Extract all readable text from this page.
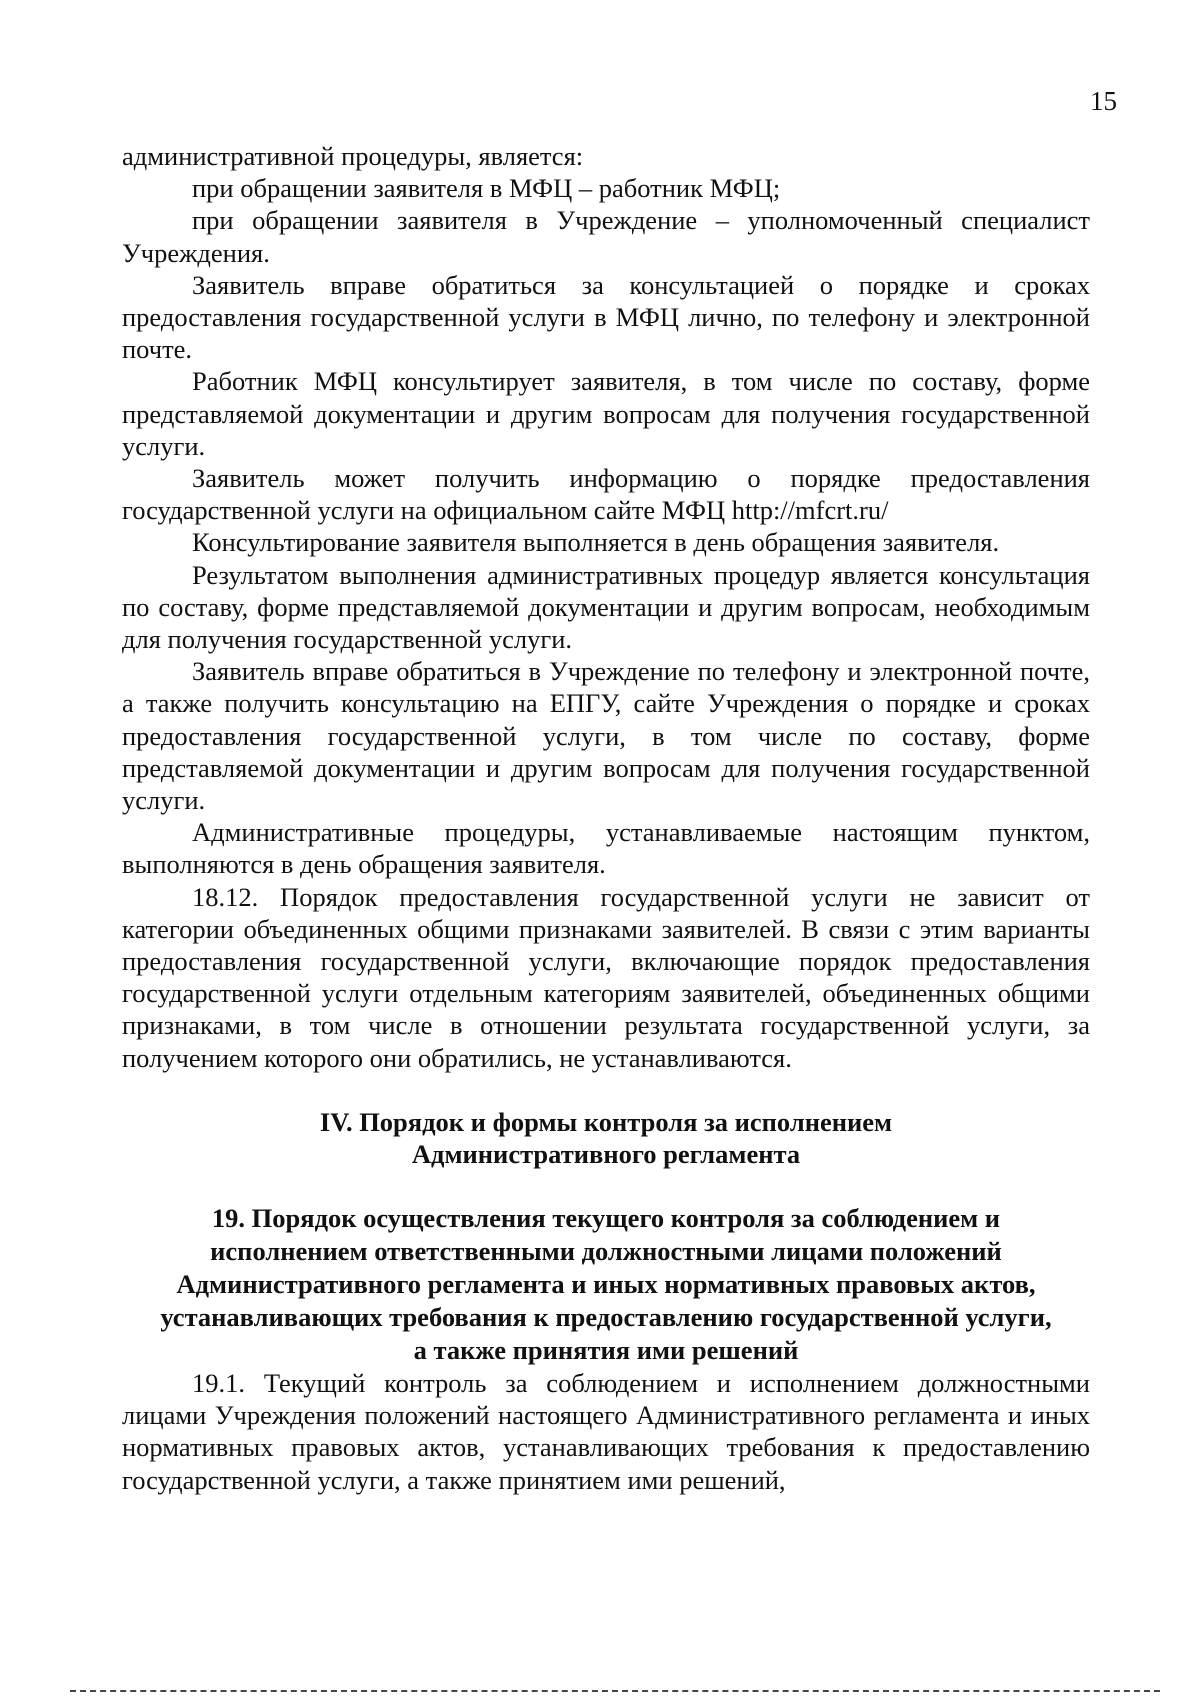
15

административной процедуры, является:

при обращении заявителя в МФЦ – работник МФЦ;

при обращении заявителя в Учреждение – уполномоченный специалист Учреждения.

Заявитель вправе обратиться за консультацией о порядке и сроках предоставления государственной услуги в МФЦ лично, по телефону и электронной почте.

Работник МФЦ консультирует заявителя, в том числе по составу, форме представляемой документации и другим вопросам для получения государственной услуги.

Заявитель может получить информацию о порядке предоставления государственной услуги на официальном сайте МФЦ http://mfcrt.ru/

Консультирование заявителя выполняется в день обращения заявителя.

Результатом выполнения административных процедур является консультация по составу, форме представляемой документации и другим вопросам, необходимым для получения государственной услуги.

Заявитель вправе обратиться в Учреждение по телефону и электронной почте, а также получить консультацию на ЕПГУ, сайте Учреждения о порядке и сроках предоставления государственной услуги, в том числе по составу, форме представляемой документации и другим вопросам для получения государственной услуги.

Административные процедуры, устанавливаемые настоящим пунктом, выполняются в день обращения заявителя.

18.12. Порядок предоставления государственной услуги не зависит от категории объединенных общими признаками заявителей. В связи с этим варианты предоставления государственной услуги, включающие порядок предоставления государственной услуги отдельным категориям заявителей, объединенных общими признаками, в том числе в отношении результата государственной услуги, за получением которого они обратились, не устанавливаются.

IV. Порядок и формы контроля за исполнением
Административного регламента
19. Порядок осуществления текущего контроля за соблюдением и
исполнением ответственными должностными лицами положений
Административного регламента и иных нормативных правовых актов,
устанавливающих требования к предоставлению государственной услуги,
а также принятия ими решений

19.1. Текущий контроль за соблюдением и исполнением должностными лицами Учреждения положений настоящего Административного регламента и иных нормативных правовых актов, устанавливающих требования к предоставлению государственной услуги, а также принятием ими решений,
